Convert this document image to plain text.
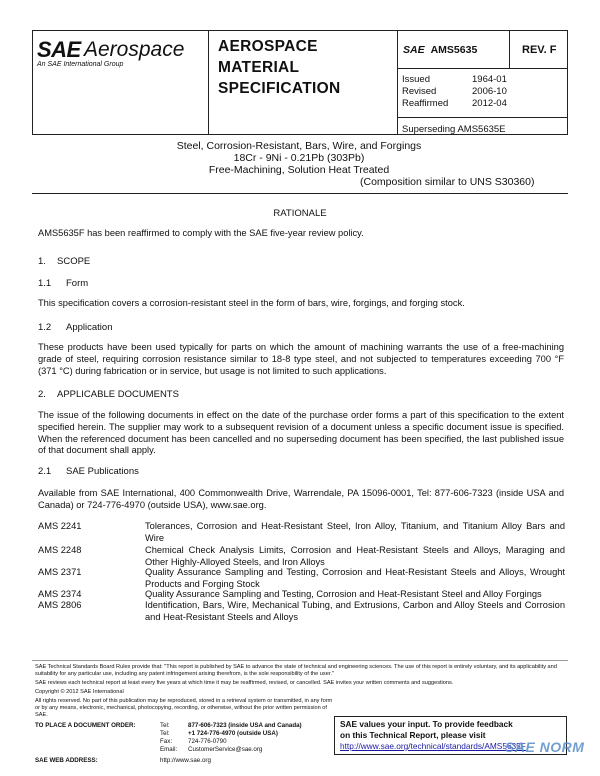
SAE Aerospace
An SAE International Group
AEROSPACE
MATERIAL
SPECIFICATION
SAE AMS5635	REV. F
Issued	1964-01
Revised	2006-10
Reaffirmed 2012-04
Superseding AMS5635E
Steel, Corrosion-Resistant, Bars, Wire, and Forgings
18Cr - 9Ni - 0.21Pb (303Pb)
Free-Machining, Solution Heat Treated
(Composition similar to UNS S30360)
RATIONALE
AMS5635F has been reaffirmed to comply with the SAE five-year review policy.
1. SCOPE
1.1 Form
This specification covers a corrosion-resistant steel in the form of bars, wire, forgings, and forging stock.
1.2 Application
These products have been used typically for parts on which the amount of machining warrants the use of a free-machining grade of steel, requiring corrosion resistance similar to 18-8 type steel, and not subjected to temperatures exceeding 700 °F (371 °C) during fabrication or in service, but usage is not limited to such applications.
2. APPLICABLE DOCUMENTS
The issue of the following documents in effect on the date of the purchase order forms a part of this specification to the extent specified herein. The supplier may work to a subsequent revision of a document unless a specific document issue is specified. When the referenced document has been cancelled and no superseding document has been specified, the last published issue of that document shall apply.
2.1 SAE Publications
Available from SAE International, 400 Commonwealth Drive, Warrendale, PA 15096-0001, Tel: 877-606-7323 (inside USA and Canada) or 724-776-4970 (outside USA), www.sae.org.
AMS 2241	Tolerances, Corrosion and Heat-Resistant Steel, Iron Alloy, Titanium, and Titanium Alloy Bars and Wire
AMS 2248	Chemical Check Analysis Limits, Corrosion and Heat-Resistant Steels and Alloys, Maraging and Other Highly-Alloyed Steels, and Iron Alloys
AMS 2371	Quality Assurance Sampling and Testing, Corrosion and Heat-Resistant Steels and Alloys, Wrought Products and Forging Stock
AMS 2374	Quality Assurance Sampling and Testing, Corrosion and Heat-Resistant Steel and Alloy Forgings
AMS 2806	Identification, Bars, Wire, Mechanical Tubing, and Extrusions, Carbon and Alloy Steels and Corrosion and Heat-Resistant Steels and Alloys
SAE Technical Standards Board Rules provide that: "This report is published by SAE to advance the state of technical and engineering sciences. The use of this report is entirely voluntary, and its applicability and suitability for any particular use, including any patent infringement arising therefrom, is the sole responsibility of the user."
SAE reviews each technical report at least every five years at which time it may be reaffirmed, revised, or cancelled. SAE invites your written comments and suggestions.
Copyright © 2012 SAE International
All rights reserved. No part of this publication may be reproduced, stored in a retrieval system or transmitted, in any form or by any means, electronic, mechanical, photocopying, recording, or otherwise, without the prior written permission of SAE.
TO PLACE A DOCUMENT ORDER:	Tel:	877-606-7323 (inside USA and Canada)
Tel:	+1 724-776-4970 (outside USA)
Fax:	724-776-0790
Email: CustomerService@sae.org
SAE WEB ADDRESS:	http://www.sae.org
SAE values your input. To provide feedback
on this Technical Report, please visit
http://www.sae.org/technical/standards/AMS5635F
SAE NORM
